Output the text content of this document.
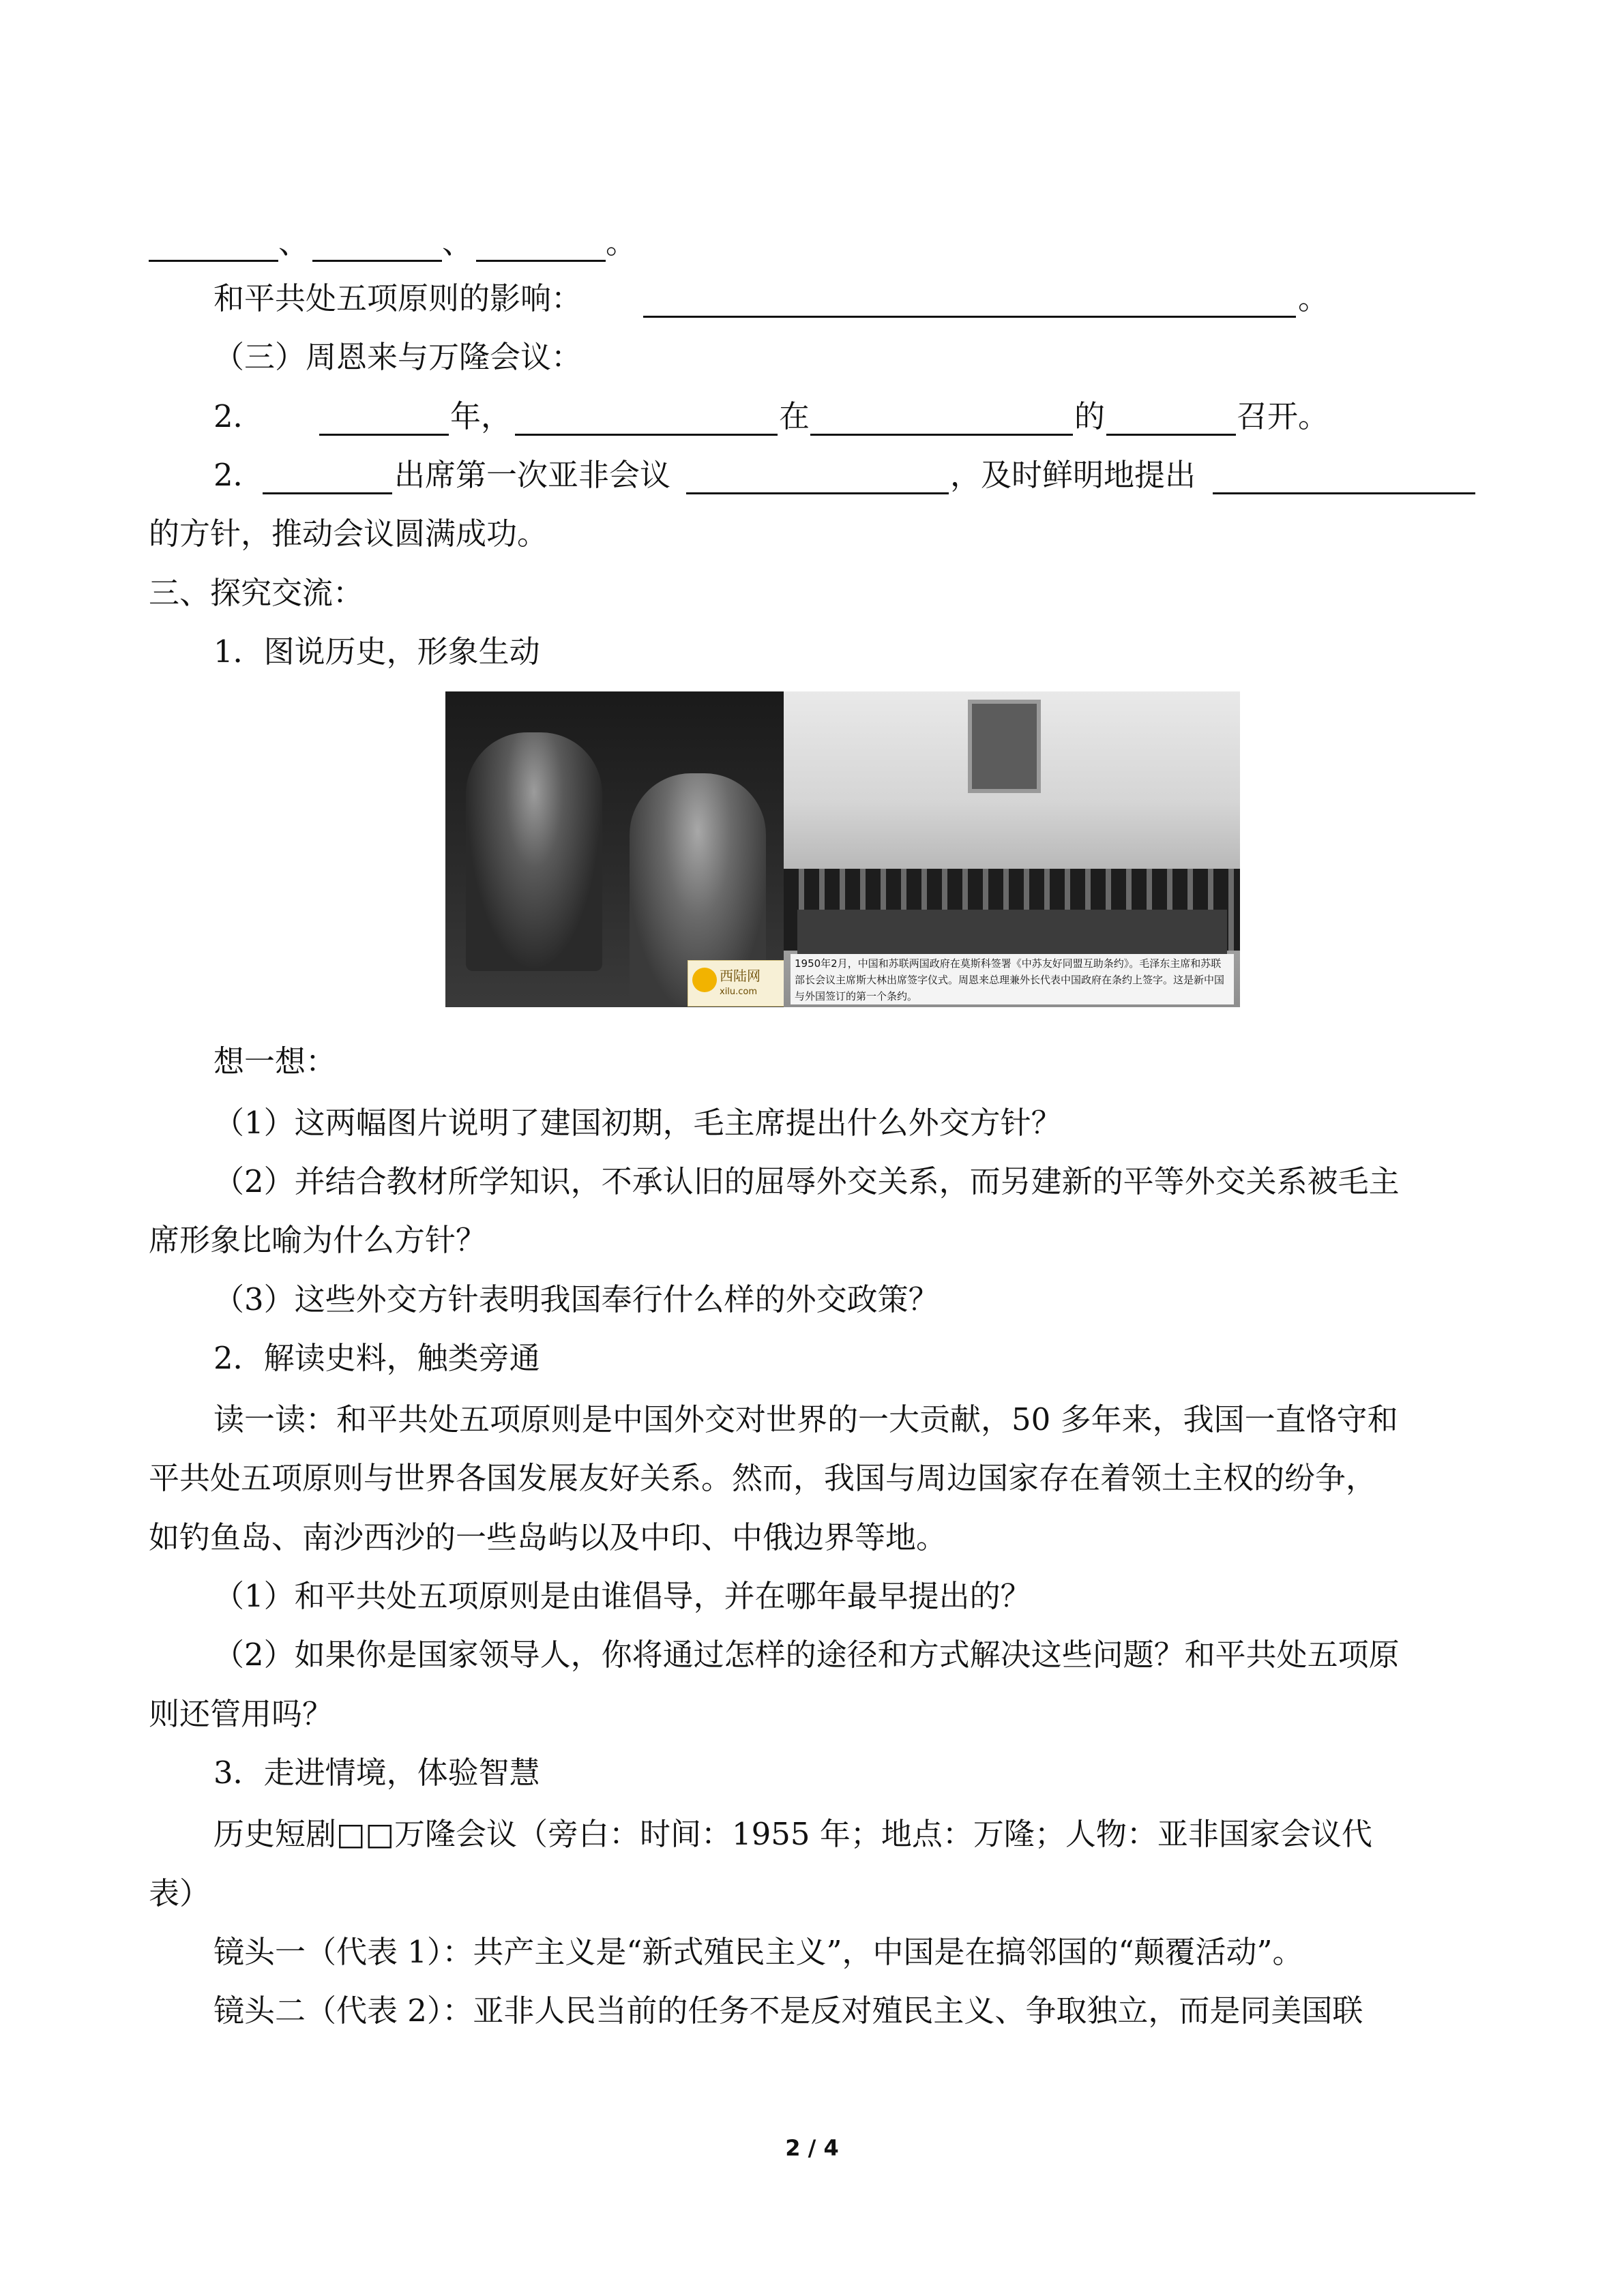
、	、	。
和平共处五项原则的影响：	。
（三）周恩来与万隆会议：
2．	年，	在	的	召开。
2．	出席第一次亚非会议	，及时鲜明地提出
的方针，推动会议圆满成功。
三、探究交流：
1．图说历史，形象生动
西陆网
xilu.com
1950年2月，中国和苏联两国政府在莫斯科签署《中苏友好同盟互助条约》。毛泽东主席和苏联部长会议主席斯大林出席签字仪式。周恩来总理兼外长代表中国政府在条约上签字。这是新中国与外国签订的第一个条约。
想一想：
（1）这两幅图片说明了建国初期，毛主席提出什么外交方针？
（2）并结合教材所学知识，不承认旧的屈辱外交关系，而另建新的平等外交关系被毛主
席形象比喻为什么方针？
（3）这些外交方针表明我国奉行什么样的外交政策？
2．解读史料，触类旁通
读一读：和平共处五项原则是中国外交对世界的一大贡献，50 多年来，我国一直恪守和
平共处五项原则与世界各国发展友好关系。然而，我国与周边国家存在着领土主权的纷争，
如钓鱼岛、南沙西沙的一些岛屿以及中印、中俄边界等地。
（1）和平共处五项原则是由谁倡导，并在哪年最早提出的？
（2）如果你是国家领导人，你将通过怎样的途径和方式解决这些问题？和平共处五项原
则还管用吗？
3．走进情境，体验智慧
历史短剧□□万隆会议（旁白：时间：1955 年；地点：万隆；人物：亚非国家会议代
表）
镜头一（代表 1）：共产主义是“新式殖民主义”，中国是在搞邻国的“颠覆活动”。
镜头二（代表 2）：亚非人民当前的任务不是反对殖民主义、争取独立，而是同美国联
2 / 4
